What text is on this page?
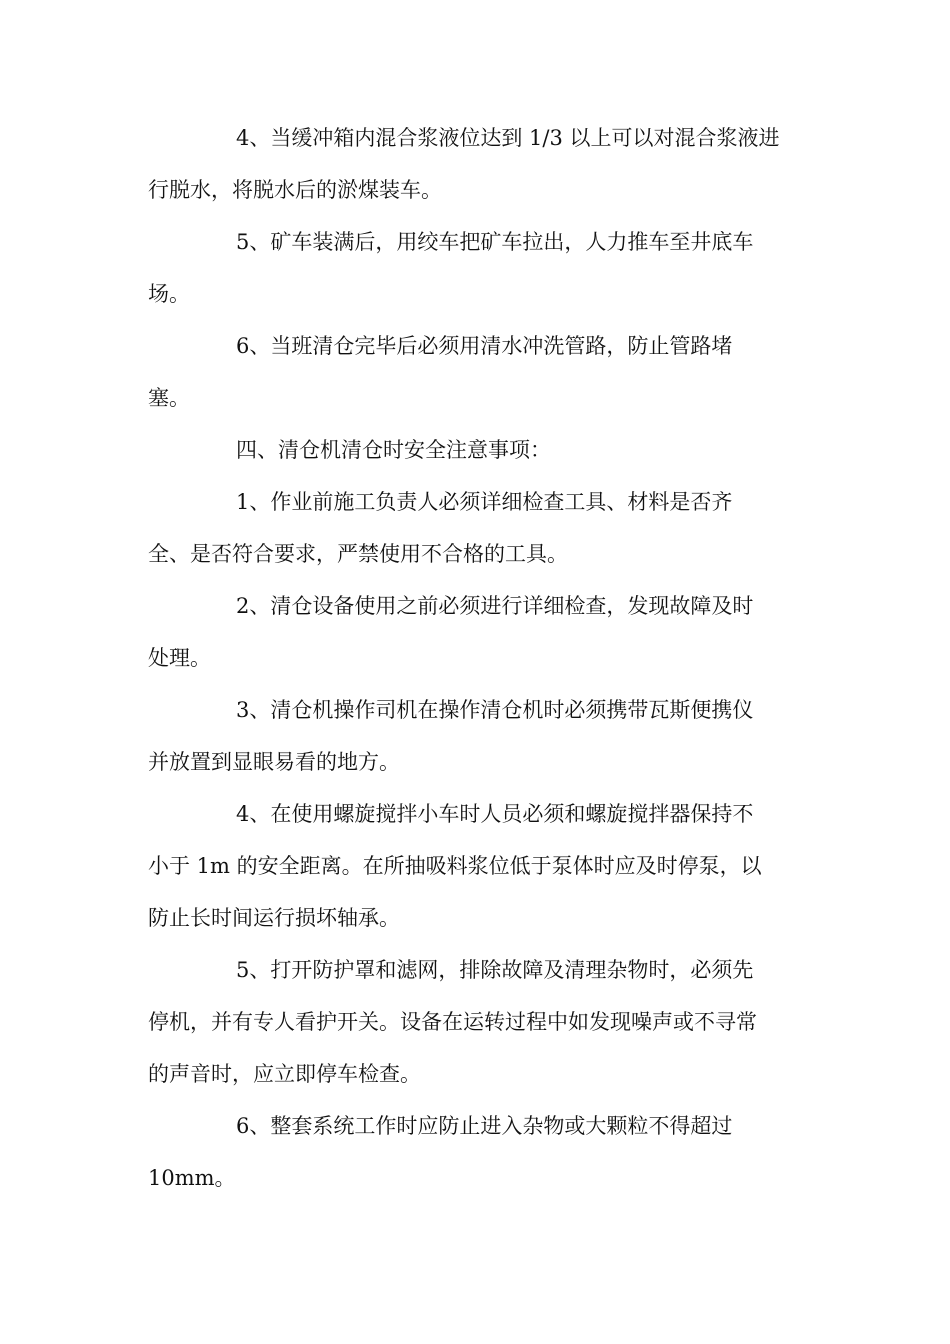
4、当缓冲箱内混合浆液位达到 1/3 以上可以对混合浆液进
行脱水，将脱水后的淤煤装车。
5、矿车装满后，用绞车把矿车拉出，人力推车至井底车
场。
6、当班清仓完毕后必须用清水冲洗管路，防止管路堵
塞。
四、清仓机清仓时安全注意事项：
1、作业前施工负责人必须详细检查工具、材料是否齐
全、是否符合要求，严禁使用不合格的工具。
2、清仓设备使用之前必须进行详细检查，发现故障及时
处理。
3、清仓机操作司机在操作清仓机时必须携带瓦斯便携仪
并放置到显眼易看的地方。
4、在使用螺旋搅拌小车时人员必须和螺旋搅拌器保持不
小于 1m 的安全距离。在所抽吸料浆位低于泵体时应及时停泵，以
防止长时间运行损坏轴承。
5、打开防护罩和滤网，排除故障及清理杂物时，必须先
停机，并有专人看护开关。设备在运转过程中如发现噪声或不寻常
的声音时，应立即停车检查。
6、整套系统工作时应防止进入杂物或大颗粒不得超过
10mm。
